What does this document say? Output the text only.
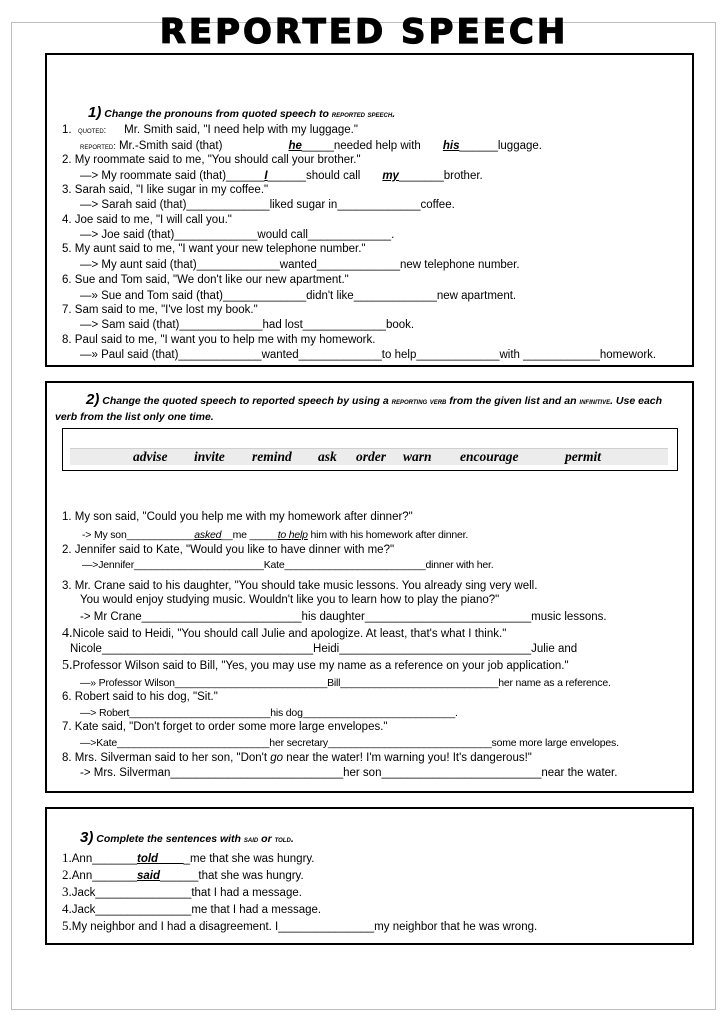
REPORTED SPEECH
1) Change the pronouns from quoted speech to reported speech.
1. quoted: Mr. Smith said, "I need help with my luggage."
reported: Mr.-Smith said (that)	he_____needed help with his______luggage.
2. My roommate said to me, "You should call your brother."
—> My roommate said (that)______I______should call my_______brother.
3. Sarah said, "I like sugar in my coffee."
—> Sarah said (that)_____________liked sugar in_____________coffee.
4. Joe said to me, "I will call you."
—> Joe said (that)_____________would call_____________.
5. My aunt said to me, "I want your new telephone number."
—> My aunt said (that)_____________wanted_____________new telephone number.
6. Sue and Tom said, "We don't like our new apartment."
—» Sue and Tom said (that)_____________didn't like_____________new apartment.
7. Sam said to me, "I've lost my book."
—> Sam said (that)_____________had lost_____________book.
8. Paul said to me, "I want you to help me with my homework.
—» Paul said (that)_____________wanted_____________to help_____________with ____________homework.
2) Change the quoted speech to reported speech by using a reporting verb from the given list and an infinitive. Use each
verb from the list only one time.
advise invite remind ask order warn encourage	permit
1. My son said, "Could you help me with my homework after dinner?"
-> My son____________asked__me _____to help him with his homework after dinner.
2. Jennifer said to Kate, "Would you like to have dinner with me?"
—>Jennifer_______________________Kate_________________________dinner with her.
3. Mr. Crane said to his daughter, "You should take music lessons. You already sing very well.
You would enjoy studying music. Wouldn't like you to learn how to play the piano?"
-> Mr Crane_________________________his daughter__________________________music lessons.
4.Nicole said to Heidi, "You should call Julie and apologize. At least, that's what I think."
Nicole_________________________________Heidi______________________________Julie and
5.Professor Wilson said to Bill, "Yes, you may use my name as a reference on your job application."
—» Professor Wilson___________________________Bill____________________________her name as a reference.
6. Robert said to his dog, "Sit."
—> Robert_________________________his dog___________________________.
7. Kate said, "Don't forget to order some more large envelopes."
—>Kate___________________________her secretary_____________________________some more large envelopes.
8. Mrs. Silverman said to her son, "Don't go near the water! I'm warning you! It's dangerous!"
-> Mrs. Silverman___________________________her son_________________________near the water.
3) Complete the sentences with said or told.
1.Ann_______told_____me that she was hungry.
2.Ann_______said______that she was hungry.
3.Jack_______________that I had a message.
4.Jack_______________me that I had a message.
5.My neighbor and I had a disagreement. I_______________my neighbor that he was wrong.
